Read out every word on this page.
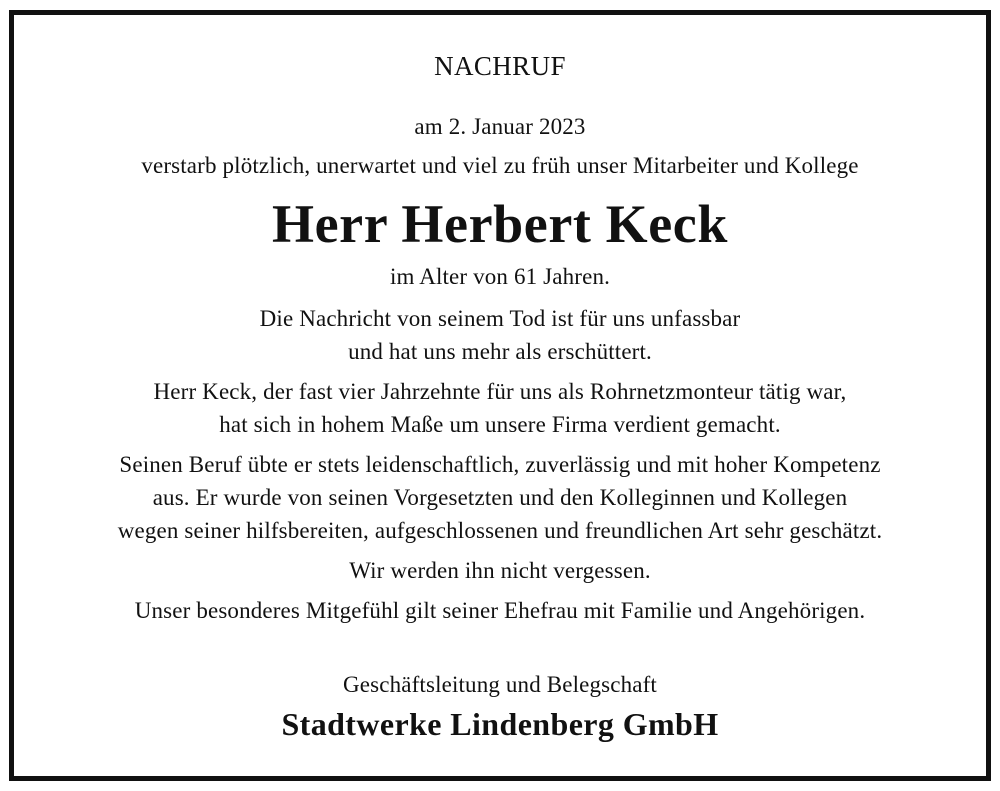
NACHRUF
am 2. Januar 2023
verstarb plötzlich, unerwartet und viel zu früh unser Mitarbeiter und Kollege
Herr Herbert Keck
im Alter von 61 Jahren.
Die Nachricht von seinem Tod ist für uns unfassbar
und hat uns mehr als erschüttert.
Herr Keck, der fast vier Jahrzehnte für uns als Rohrnetzmonteur tätig war,
hat sich in hohem Maße um unsere Firma verdient gemacht.
Seinen Beruf übte er stets leidenschaftlich, zuverlässig und mit hoher Kompetenz
aus. Er wurde von seinen Vorgesetzten und den Kolleginnen und Kollegen
wegen seiner hilfsbereiten, aufgeschlossenen und freundlichen Art sehr geschätzt.
Wir werden ihn nicht vergessen.
Unser besonderes Mitgefühl gilt seiner Ehefrau mit Familie und Angehörigen.
Geschäftsleitung und Belegschaft
Stadtwerke Lindenberg GmbH
